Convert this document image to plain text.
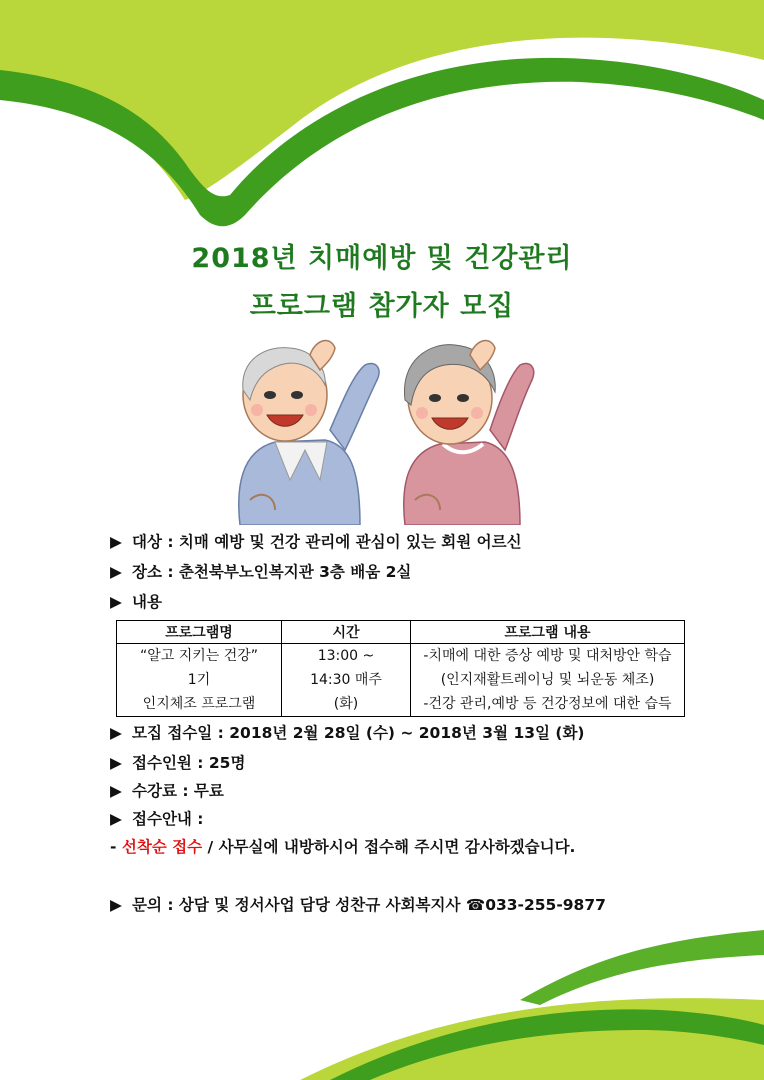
2018년 치매예방 및 건강관리
프로그램 참가자 모집
▶ 대상 : 치매 예방 및 건강 관리에 관심이 있는 회원 어르신
▶ 장소 : 춘천북부노인복지관 3층 배움 2실
▶ 내용
프로그램명	시간	프로그램 내용
“알고 지키는 건강”	13:00 ~	-치매에 대한 증상 예방 및 대처방안 학습
1기	14:30 매주	(인지재활트레이닝 및 뇌운동 체조)
인지체조 프로그램	(화)	-건강 관리,예방 등 건강정보에 대한 습득
▶ 모집 접수일 : 2018년 2월 28일 (수) ~ 2018년 3월 13일 (화)
▶ 접수인원 : 25명
▶ 수강료 : 무료
▶ 접수안내 :
- 선착순 접수 / 사무실에 내방하시어 접수해 주시면 감사하겠습니다.
▶ 문의 : 상담 및 정서사업 담당 성찬규 사회복지사 ☎033-255-9877
